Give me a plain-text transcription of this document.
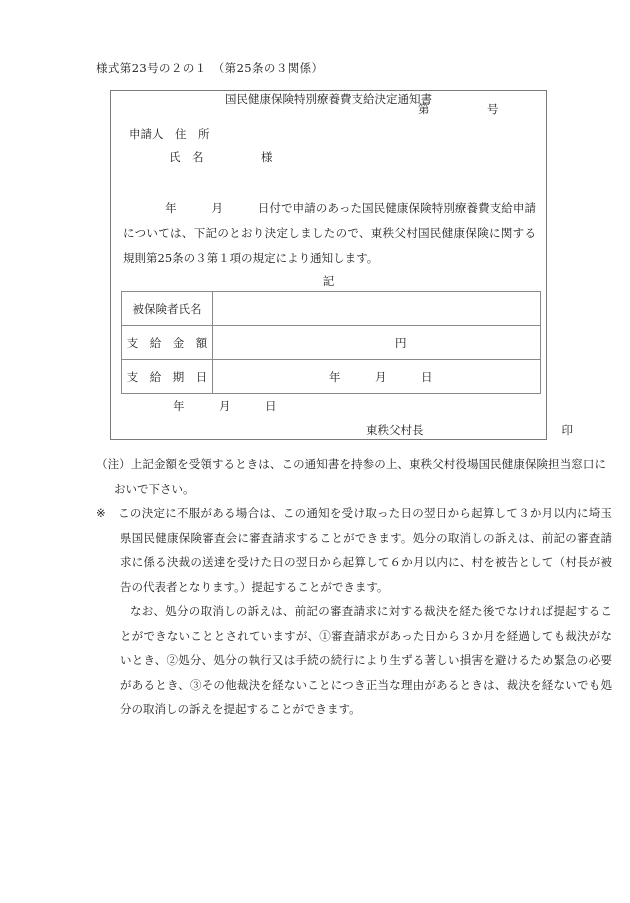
様式第23号の２の１　（第25条の３関係）
第　　　　　号
申請人　住　所
氏　名　　　　　様
国民健康保険特別療養費支給決定通知書
年　　　月　　　日付で申請のあった国民健康保険特別療養費支給申請については、下記のとおり決定しましたので、東秩父村国民健康保険に関する規則第25条の３第１項の規定により通知します。
記
被保険者氏名	
支　給　金　額	円
支　給　期　日	年　　　月　　　日
年　　　月　　　日
東秩父村長	印

（注）上記金額を受領するときは、この通知書を持参の上、東秩父村役場国民健康保険担当窓口においで下さい。

※ この決定に不服がある場合は、この通知を受け取った日の翌日から起算して３か月以内に埼玉県国民健康保険審査会に審査請求することができます。処分の取消しの訴えは、前記の審査請求に係る決裁の送達を受けた日の翌日から起算して６か月以内に、村を被告として（村長が被告の代表者となります。）提起することができます。

なお、処分の取消しの訴えは、前記の審査請求に対する裁決を経た後でなければ提起することができないこととされていますが、①審査請求があった日から３か月を経過しても裁決がないとき、②処分、処分の執行又は手続の続行により生ずる著しい損害を避けるため緊急の必要があるとき、③その他裁決を経ないことにつき正当な理由があるときは、裁決を経ないでも処分の取消しの訴えを提起することができます。
